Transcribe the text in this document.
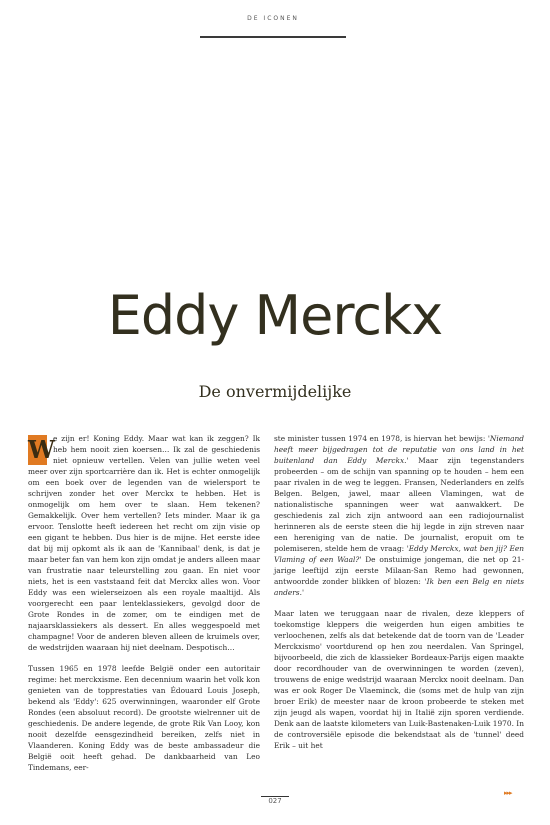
DE ICONEN
Eddy Merckx
De onvermijdelijke

W
e zijn er! Koning Eddy. Maar wat kan ik zeggen? Ik heb hem nooit zien koersen… Ik zal de geschiedenis niet opnieuw vertellen. Velen van jullie weten veel meer over zijn sportcarrière dan ik. Het is echter onmogelijk om een boek over de legenden van de wielersport te schrijven zonder het over Merckx te hebben. Het is onmogelijk om hem over te slaan. Hem tekenen? Gemakkelijk. Over hem vertellen? Iets minder. Maar ik ga ervoor. Tenslotte heeft iedereen het recht om zijn visie op een gigant te hebben. Dus hier is de mijne. Het eerste idee dat bij mij opkomt als ik aan de 'Kannibaal' denk, is dat je maar beter fan van hem kon zijn omdat je anders alleen maar van frustratie naar teleurstelling zou gaan. En niet voor niets, het is een vaststaand feit dat Merckx alles won. Voor Eddy was een wielerseizoen als een royale maaltijd. Als voorgerecht een paar lenteklassiekers, gevolgd door de Grote Rondes in de zomer, om te eindigen met de najaarsklassiekers als dessert. En alles weggespoeld met champagne! Voor de anderen bleven alleen de kruimels over, de wedstrijden waaraan hij niet deelnam. Despotisch…

Tussen 1965 en 1978 leefde België onder een autoritair regime: het merckxisme. Een decennium waarin het volk kon genieten van de topprestaties van Édouard Louis Joseph, bekend als 'Eddy': 625 overwinningen, waaronder elf Grote Rondes (een absoluut record). De grootste wielrenner uit de geschiedenis. De andere legende, de grote Rik Van Looy, kon nooit dezelfde eensgezindheid bereiken, zelfs niet in Vlaanderen. Koning Eddy was de beste ambassadeur die België ooit heeft gehad. De dankbaarheid van Leo Tindemans, eer-

ste minister tussen 1974 en 1978, is hiervan het bewijs: 'Niemand heeft meer bijgedragen tot de reputatie van ons land in het buitenland dan Eddy Merckx.' Maar zijn tegenstanders probeerden – om de schijn van spanning op te houden – hem een paar rivalen in de weg te leggen. Fransen, Nederlanders en zelfs Belgen. Belgen, jawel, maar alleen Vlamingen, wat de nationalistische spanningen weer wat aanwakkert. De geschiedenis zal zich zijn antwoord aan een radiojournalist herinneren als de eerste steen die hij legde in zijn streven naar een hereniging van de natie. De journalist, eropuit om te polemiseren, stelde hem de vraag: 'Eddy Merckx, wat ben jij? Een Vlaming of een Waal?' De onstuimige jongeman, die net op 21-jarige leeftijd zijn eerste Milaan-San Remo had gewonnen, antwoordde zonder blikken of blozen: 'Ik ben een Belg en niets anders.'

Maar laten we teruggaan naar de rivalen, deze kleppers of toekomstige kleppers die weigerden hun eigen ambities te verloochenen, zelfs als dat betekende dat de toorn van de 'Leader Merckxismo' voortdurend op hen zou neerdalen. Van Springel, bijvoorbeeld, die zich de klassieker Bordeaux-Parijs eigen maakte door recordhouder van de overwinningen te worden (zeven), trouwens de enige wedstrijd waaraan Merckx nooit deelnam. Dan was er ook Roger De Vlaeminck, die (soms met de hulp van zijn broer Erik) de meester naar de kroon probeerde te steken met zijn jeugd als wapen, voordat hij in Italië zijn sporen verdiende. Denk aan de laatste kilometers van Luik-Bastenaken-Luik 1970. In de controversiële episode die bekendstaat als de 'tunnel' deed Erik – uit het

▸▸▸
027
